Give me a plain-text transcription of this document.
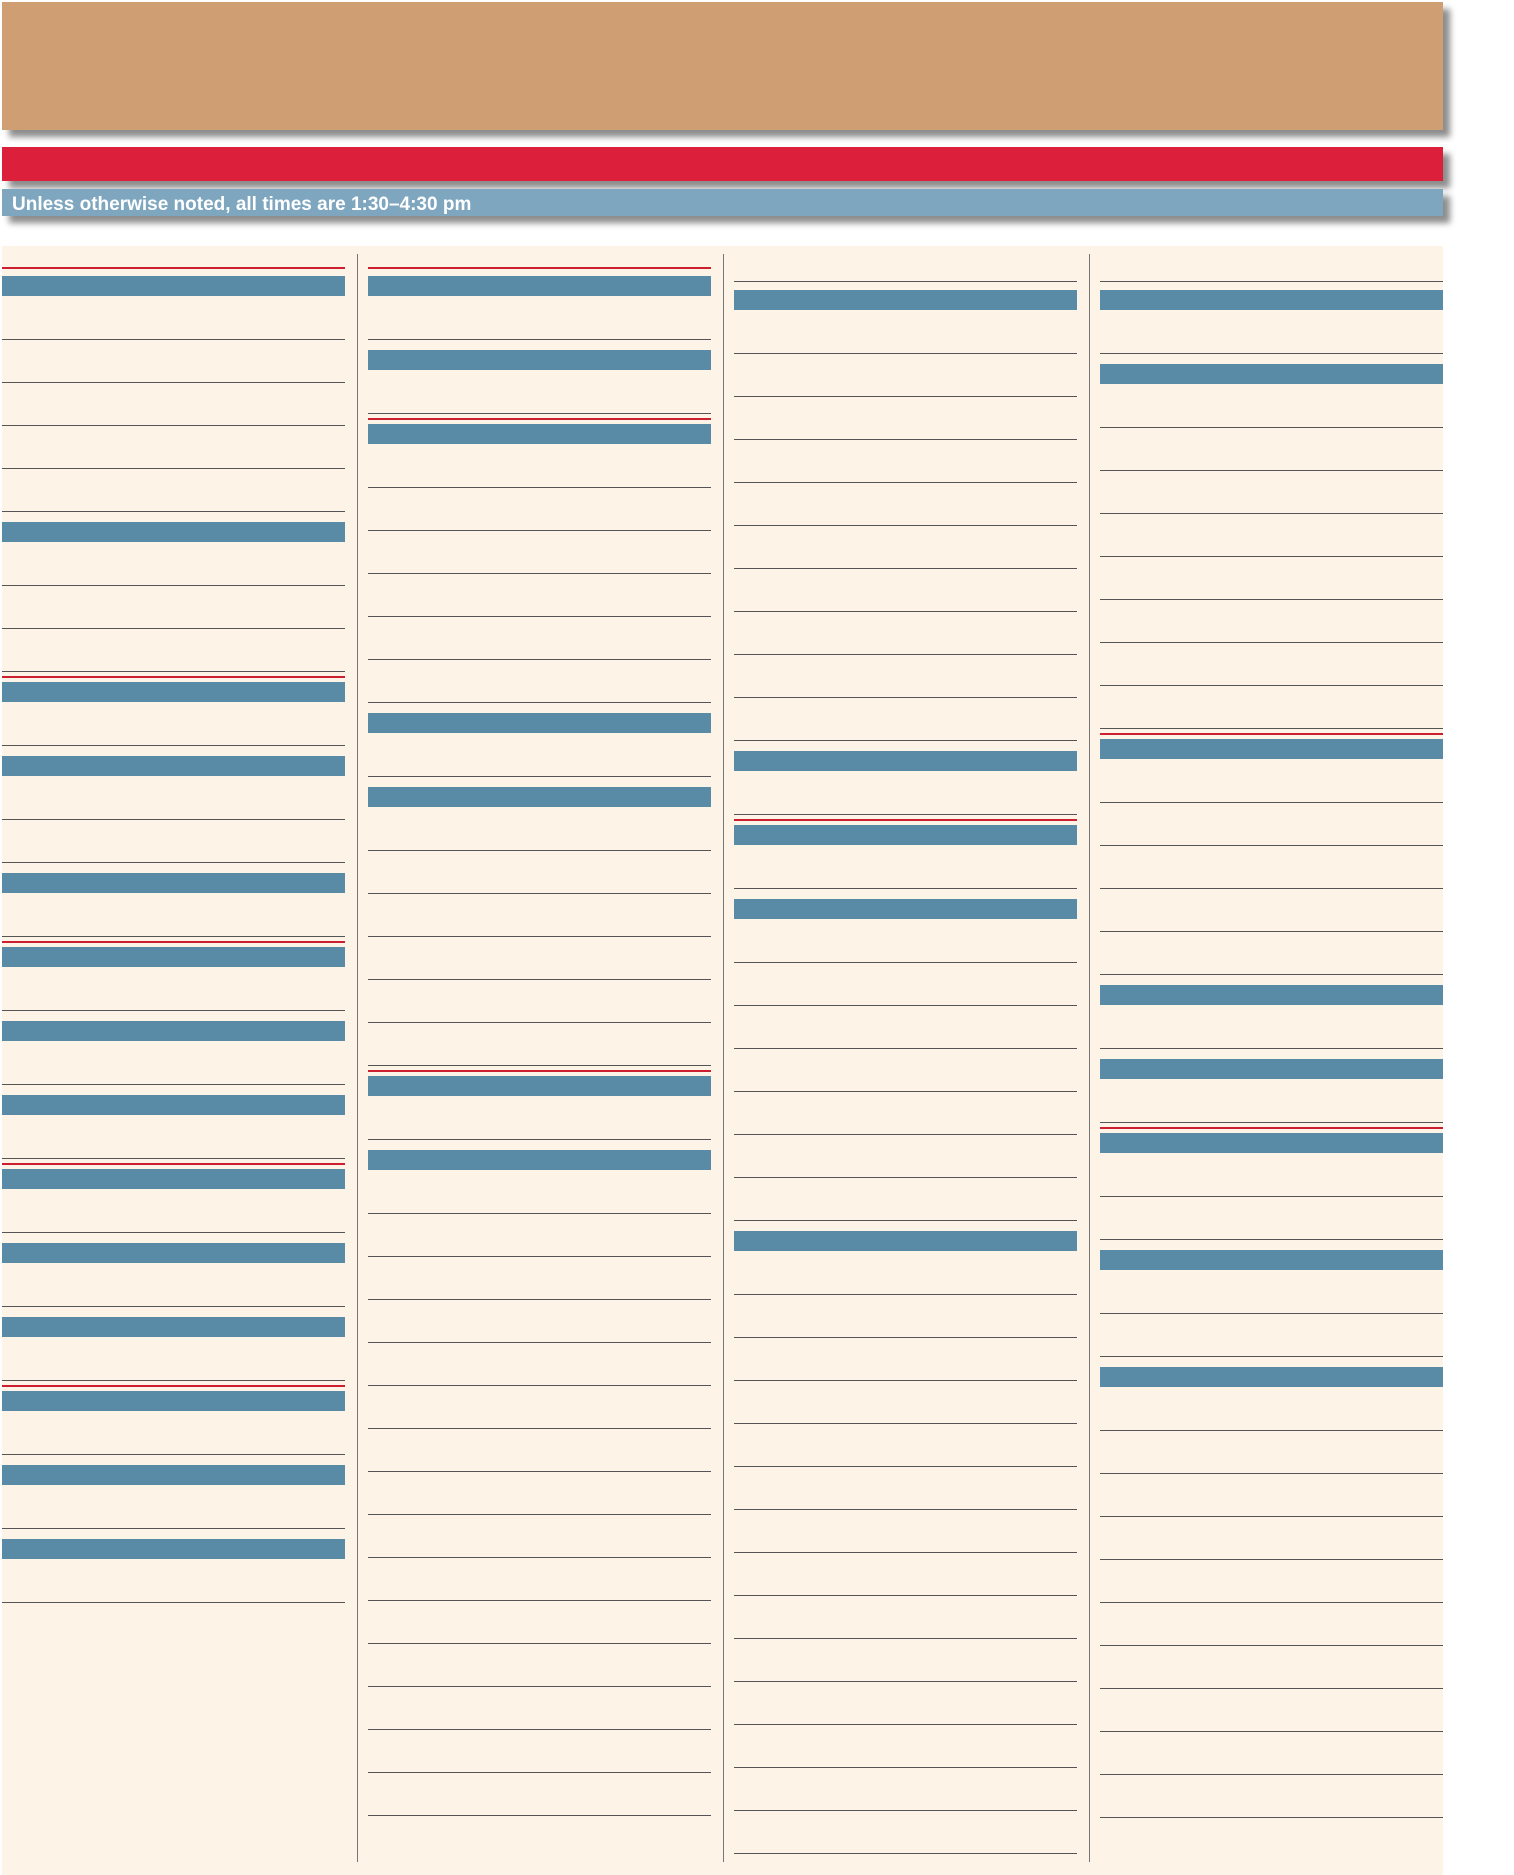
Unless otherwise noted, all times are 1:30–4:30 pm
